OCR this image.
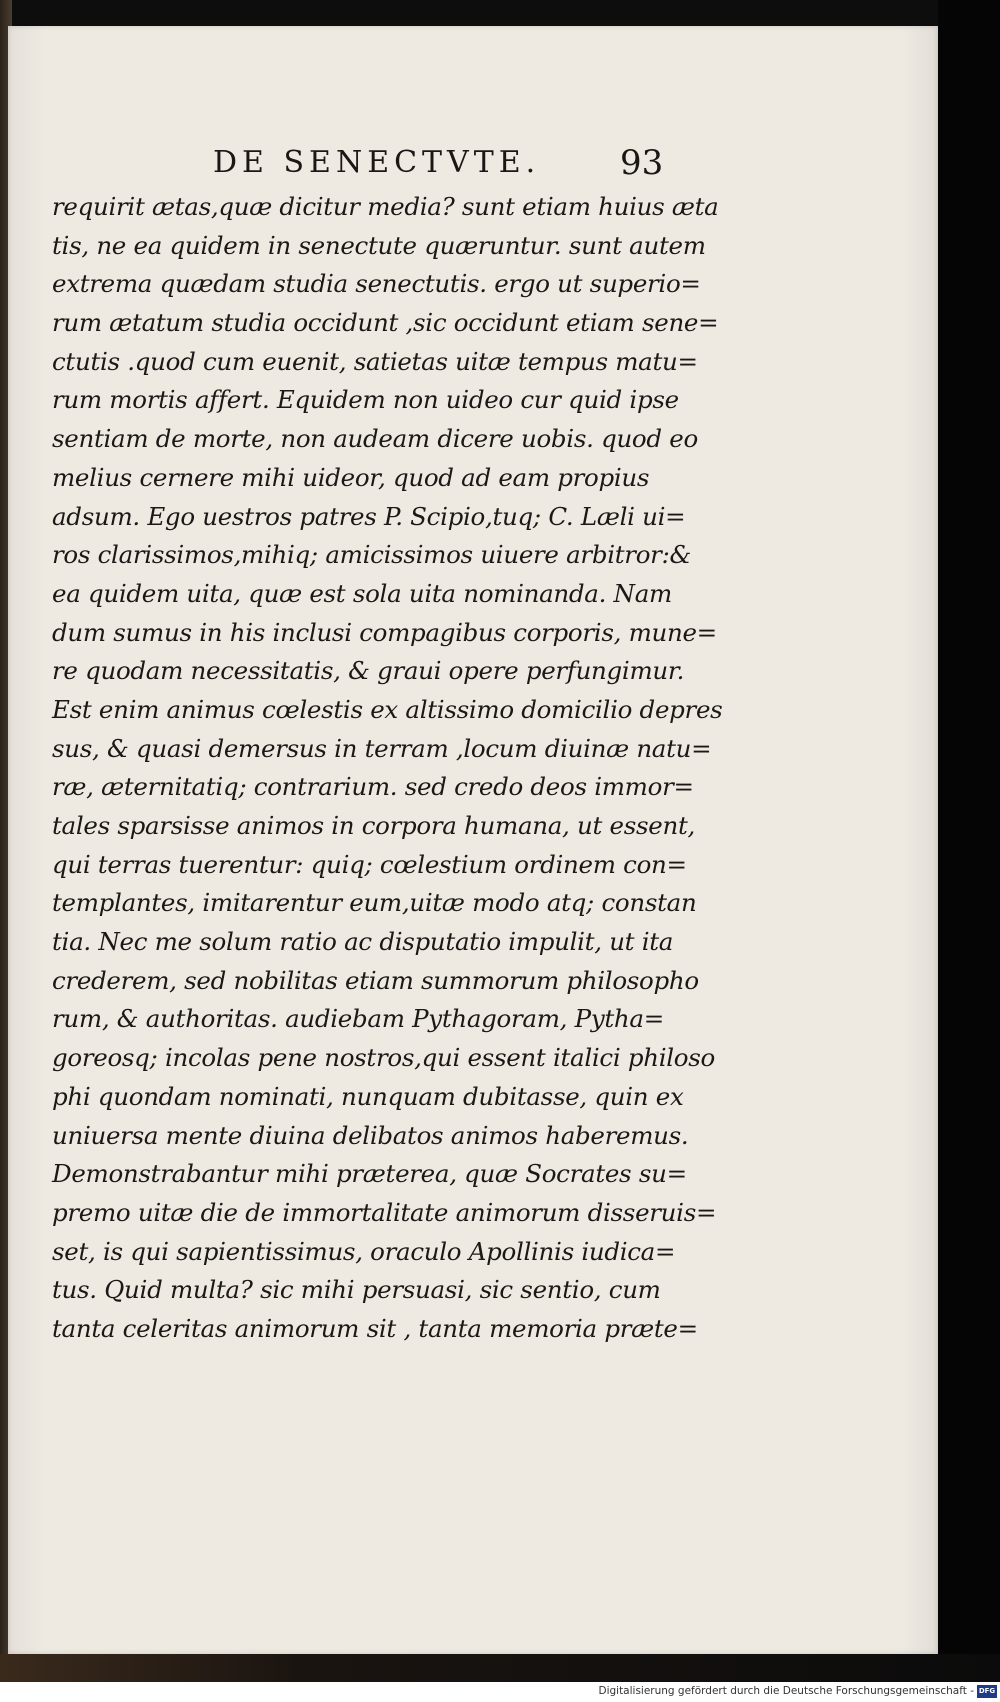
DE SENECTVTE. 93
requirit ætas,quæ dicitur media? sunt etiam huius æta
tis, ne ea quidem in senectute quæruntur. sunt autem
extrema quædam studia senectutis. ergo ut superio=
rum ætatum studia occidunt ,sic occidunt etiam sene=
ctutis .quod cum euenit, satietas uitæ tempus matu=
rum mortis affert. Equidem non uideo cur quid ipse
sentiam de morte, non audeam dicere uobis. quod eo
melius cernere mihi uideor, quod ad eam propius
adsum. Ego uestros patres P. Scipio,tuq; C. Læli ui=
ros clarissimos,mihiq; amicissimos uiuere arbitror:&
ea quidem uita, quæ est sola uita nominanda. Nam
dum sumus in his inclusi compagibus corporis, mune=
re quodam necessitatis, & graui opere perfungimur.
Est enim animus cœlestis ex altissimo domicilio depres
sus, & quasi demersus in terram ,locum diuinæ natu=
ræ, æternitatiq; contrarium. sed credo deos immor=
tales sparsisse animos in corpora humana, ut essent,
qui terras tuerentur: quiq; cœlestium ordinem con=
templantes, imitarentur eum,uitæ modo atq; constan
tia. Nec me solum ratio ac disputatio impulit, ut ita
crederem, sed nobilitas etiam summorum philosopho
rum, & authoritas. audiebam Pythagoram, Pytha=
goreosq; incolas pene nostros,qui essent italici philoso
phi quondam nominati, nunquam dubitasse, quin ex
uniuersa mente diuina delibatos animos haberemus.
Demonstrabantur mihi præterea, quæ Socrates su=
premo uitæ die de immortalitate animorum disseruis=
set, is qui sapientissimus, oraculo Apollinis iudica=
tus. Quid multa? sic mihi persuasi, sic sentio, cum
tanta celeritas animorum sit , tanta memoria præte=
Digitalisierung gefördert durch die Deutsche Forschungsgemeinschaft - DFG
